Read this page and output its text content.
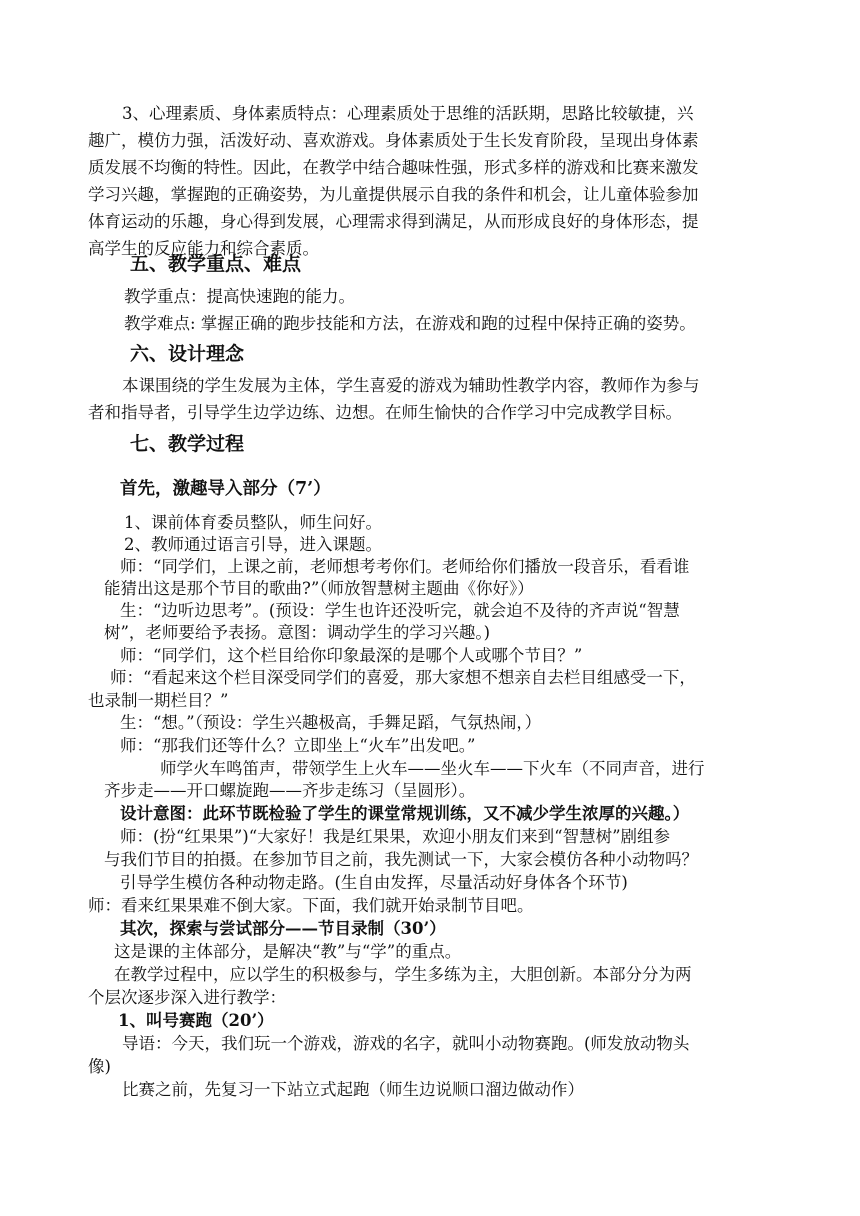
3、心理素质、身体素质特点：心理素质处于思维的活跃期，思路比较敏捷，兴
趣广，模仿力强，活泼好动、喜欢游戏。身体素质处于生长发育阶段，呈现出身体素
质发展不均衡的特性。因此，在教学中结合趣味性强，形式多样的游戏和比赛来激发
学习兴趣，掌握跑的正确姿势，为儿童提供展示自我的条件和机会，让儿童体验参加
体育运动的乐趣，身心得到发展，心理需求得到满足，从而形成良好的身体形态，提
高学生的反应能力和综合素质。
五、教学重点、难点
教学重点：提高快速跑的能力。
教学难点: 掌握正确的跑步技能和方法，在游戏和跑的过程中保持正确的姿势。
六、设计理念
本课围绕的学生发展为主体，学生喜爱的游戏为辅助性教学内容，教师作为参与
者和指导者，引导学生边学边练、边想。在师生愉快的合作学习中完成教学目标。
七、教学过程
首先，激趣导入部分（7’）
1、课前体育委员整队，师生问好。
2、教师通过语言引导，进入课题。
师：“同学们，上课之前，老师想考考你们。老师给你们播放一段音乐，看看谁
能猜出这是那个节目的歌曲?”（师放智慧树主题曲《你好》）
生：“边听边思考”。(预设：学生也许还没听完，就会迫不及待的齐声说“智慧
树”，老师要给予表扬。意图：调动学生的学习兴趣。)
师：“同学们，这个栏目给你印象最深的是哪个人或哪个节目？”
师：“看起来这个栏目深受同学们的喜爱，那大家想不想亲自去栏目组感受一下，
也录制一期栏目？”
生：“想。”（预设：学生兴趣极高，手舞足蹈，气氛热闹，）
师：“那我们还等什么？立即坐上“火车”出发吧。”
师学火车鸣笛声，带领学生上火车——坐火车——下火车（不同声音，进行
齐步走——开口螺旋跑——齐步走练习（呈圆形）。
设计意图：此环节既检验了学生的课堂常规训练，又不减少学生浓厚的兴趣。）
师：(扮“红果果”)“大家好！我是红果果，欢迎小朋友们来到“智慧树”剧组参
与我们节目的拍摄。在参加节目之前，我先测试一下，大家会模仿各种小动物吗？
引导学生模仿各种动物走路。(生自由发挥，尽量活动好身体各个环节)
师：看来红果果难不倒大家。下面，我们就开始录制节目吧。
其次，探索与尝试部分——节目录制（30’）
这是课的主体部分，是解决“教”与“学”的重点。
在教学过程中，应以学生的积极参与，学生多练为主，大胆创新。本部分分为两
个层次逐步深入进行教学：
1、叫号赛跑（20’）
导语：今天，我们玩一个游戏，游戏的名字，就叫小动物赛跑。(师发放动物头
像)
比赛之前，先复习一下站立式起跑（师生边说顺口溜边做动作）
